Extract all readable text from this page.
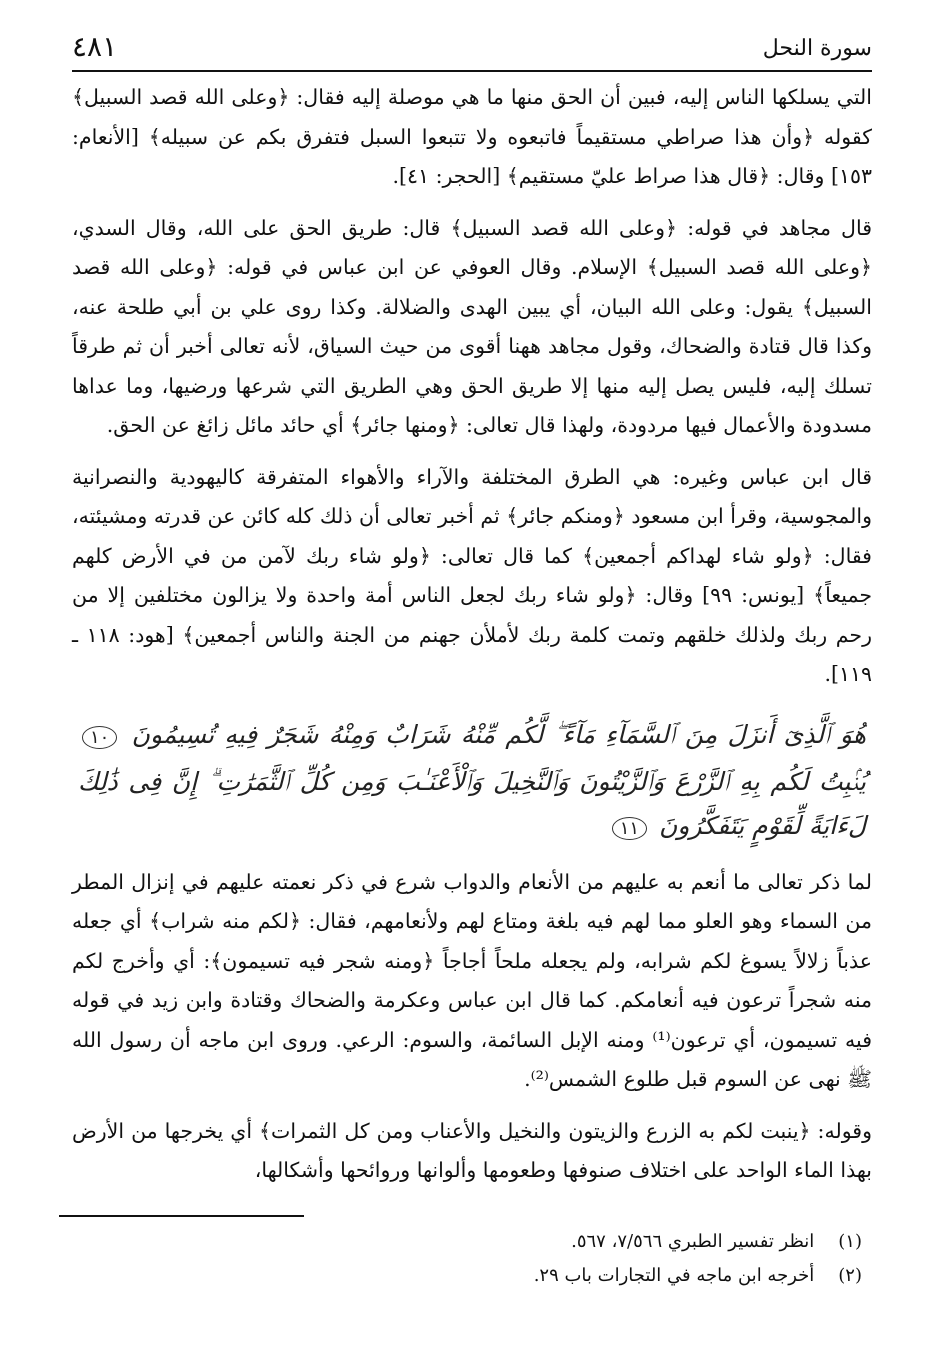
سورة النحل
٤٨١

التي يسلكها الناس إليه، فبين أن الحق منها ما هي موصلة إليه فقال: ﴿وعلى الله قصد السبيل﴾ كقوله ﴿وأن هذا صراطي مستقيماً فاتبعوه ولا تتبعوا السبل فتفرق بكم عن سبيله﴾ [الأنعام: ١٥٣] وقال: ﴿قال هذا صراط عليّ مستقيم﴾ [الحجر: ٤١].

قال مجاهد في قوله: ﴿وعلى الله قصد السبيل﴾ قال: طريق الحق على الله، وقال السدي، ﴿وعلى الله قصد السبيل﴾ الإسلام. وقال العوفي عن ابن عباس في قوله: ﴿وعلى الله قصد السبيل﴾ يقول: وعلى الله البيان، أي يبين الهدى والضلالة. وكذا روى علي بن أبي طلحة عنه، وكذا قال قتادة والضحاك، وقول مجاهد ههنا أقوى من حيث السياق، لأنه تعالى أخبر أن ثم طرقاً تسلك إليه، فليس يصل إليه منها إلا طريق الحق وهي الطريق التي شرعها ورضيها، وما عداها مسدودة والأعمال فيها مردودة، ولهذا قال تعالى: ﴿ومنها جائر﴾ أي حائد مائل زائغ عن الحق.

قال ابن عباس وغيره: هي الطرق المختلفة والآراء والأهواء المتفرقة كاليهودية والنصرانية والمجوسية، وقرأ ابن مسعود ﴿ومنكم جائر﴾ ثم أخبر تعالى أن ذلك كله كائن عن قدرته ومشيئته، فقال: ﴿ولو شاء لهداكم أجمعين﴾ كما قال تعالى: ﴿ولو شاء ربك لآمن من في الأرض كلهم جميعاً﴾ [يونس: ٩٩] وقال: ﴿ولو شاء ربك لجعل الناس أمة واحدة ولا يزالون مختلفين إلا من رحم ربك ولذلك خلقهم وتمت كلمة ربك لأملأن جهنم من الجنة والناس أجمعين﴾ [هود: ١١٨ ـ ١١٩].

هُوَ ٱلَّذِىٓ أَنزَلَ مِنَ ٱلسَّمَآءِ مَآءً ۖ لَّكُم مِّنْهُ شَرَابٌ وَمِنْهُ شَجَرٌ فِيهِ تُسِيمُونَ ١٠ يُنۢبِتُ لَكُم بِهِ ٱلزَّرْعَ وَٱلزَّيْتُونَ وَٱلنَّخِيلَ وَٱلْأَعْنَـٰبَ وَمِن كُلِّ ٱلثَّمَرَٰتِ ۗ إِنَّ فِى ذَٰلِكَ لَءَايَةً لِّقَوْمٍ يَتَفَكَّرُونَ ١١

لما ذكر تعالى ما أنعم به عليهم من الأنعام والدواب شرع في ذكر نعمته عليهم في إنزال المطر من السماء وهو العلو مما لهم فيه بلغة ومتاع لهم ولأنعامهم، فقال: ﴿لكم منه شراب﴾ أي جعله عذباً زلالاً يسوغ لكم شرابه، ولم يجعله ملحاً أجاجاً ﴿ومنه شجر فيه تسيمون﴾: أي وأخرج لكم منه شجراً ترعون فيه أنعامكم. كما قال ابن عباس وعكرمة والضحاك وقتادة وابن زيد في قوله فيه تسيمون، أي ترعون⁽¹⁾ ومنه الإبل السائمة، والسوم: الرعي. وروى ابن ماجه أن رسول الله ﷺ نهى عن السوم قبل طلوع الشمس⁽²⁾.

وقوله: ﴿ينبت لكم به الزرع والزيتون والنخيل والأعناب ومن كل الثمرات﴾ أي يخرجها من الأرض بهذا الماء الواحد على اختلاف صنوفها وطعومها وألوانها وروائحها وأشكالها،

(١) انظر تفسير الطبري ٧/٥٦٦، ٥٦٧.

(٢) أخرجه ابن ماجه في التجارات باب ٢٩.
